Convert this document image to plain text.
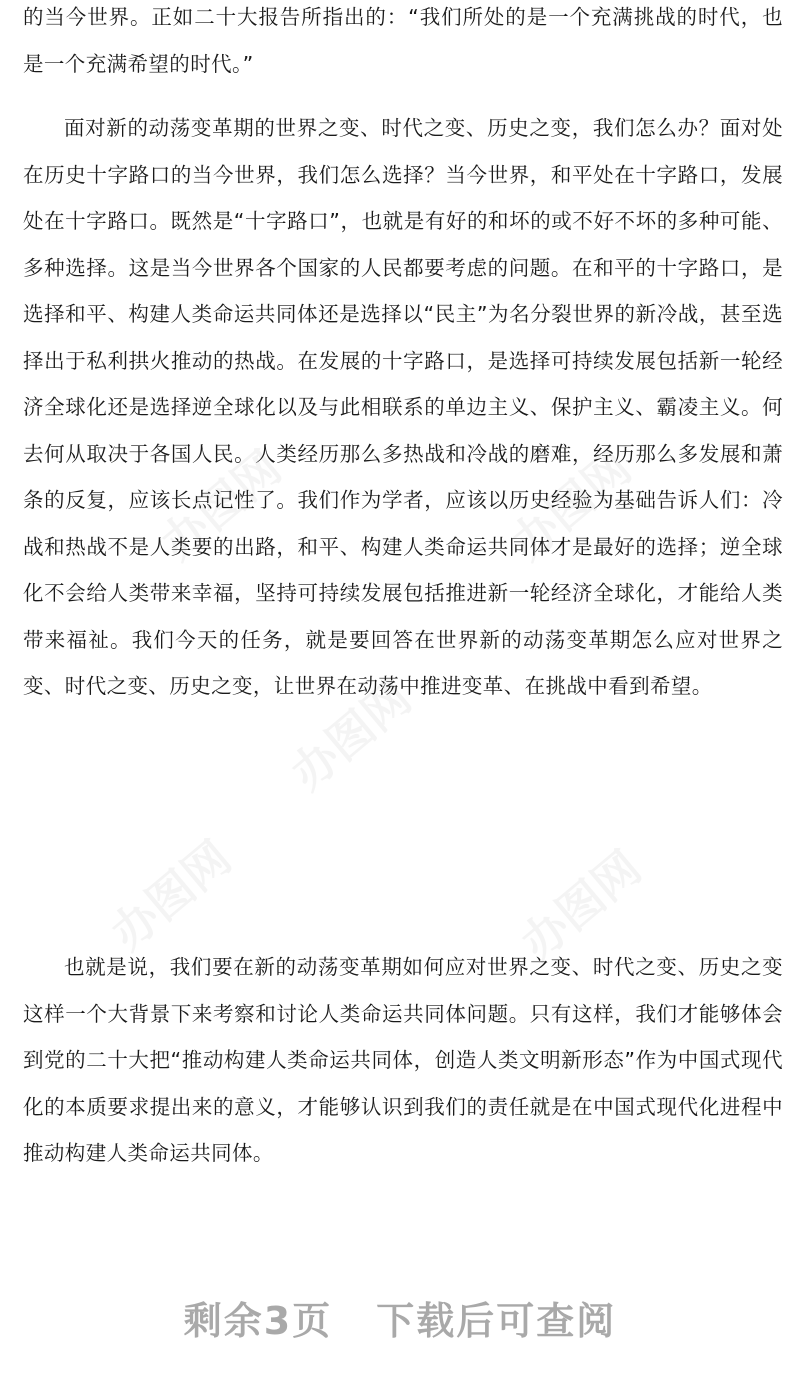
的当今世界。正如二十大报告所指出的：“我们所处的是一个充满挑战的时代，也是一个充满希望的时代。”

面对新的动荡变革期的世界之变、时代之变、历史之变，我们怎么办？面对处在历史十字路口的当今世界，我们怎么选择？当今世界，和平处在十字路口，发展处在十字路口。既然是“十字路口”，也就是有好的和坏的或不好不坏的多种可能、多种选择。这是当今世界各个国家的人民都要考虑的问题。在和平的十字路口，是选择和平、构建人类命运共同体还是选择以“民主”为名分裂世界的新冷战，甚至选择出于私利拱火推动的热战。在发展的十字路口，是选择可持续发展包括新一轮经济全球化还是选择逆全球化以及与此相联系的单边主义、保护主义、霸凌主义。何去何从取决于各国人民。人类经历那么多热战和冷战的磨难，经历那么多发展和萧条的反复，应该长点记性了。我们作为学者，应该以历史经验为基础告诉人们：冷战和热战不是人类要的出路，和平、构建人类命运共同体才是最好的选择；逆全球化不会给人类带来幸福，坚持可持续发展包括推进新一轮经济全球化，才能给人类带来福祉。我们今天的任务，就是要回答在世界新的动荡变革期怎么应对世界之变、时代之变、历史之变，让世界在动荡中推进变革、在挑战中看到希望。

也就是说，我们要在新的动荡变革期如何应对世界之变、时代之变、历史之变这样一个大背景下来考察和讨论人类命运共同体问题。只有这样，我们才能够体会到党的二十大把“推动构建人类命运共同体，创造人类文明新形态”作为中国式现代化的本质要求提出来的意义，才能够认识到我们的责任就是在中国式现代化进程中推动构建人类命运共同体。

剩余3页 下载后可查阅
